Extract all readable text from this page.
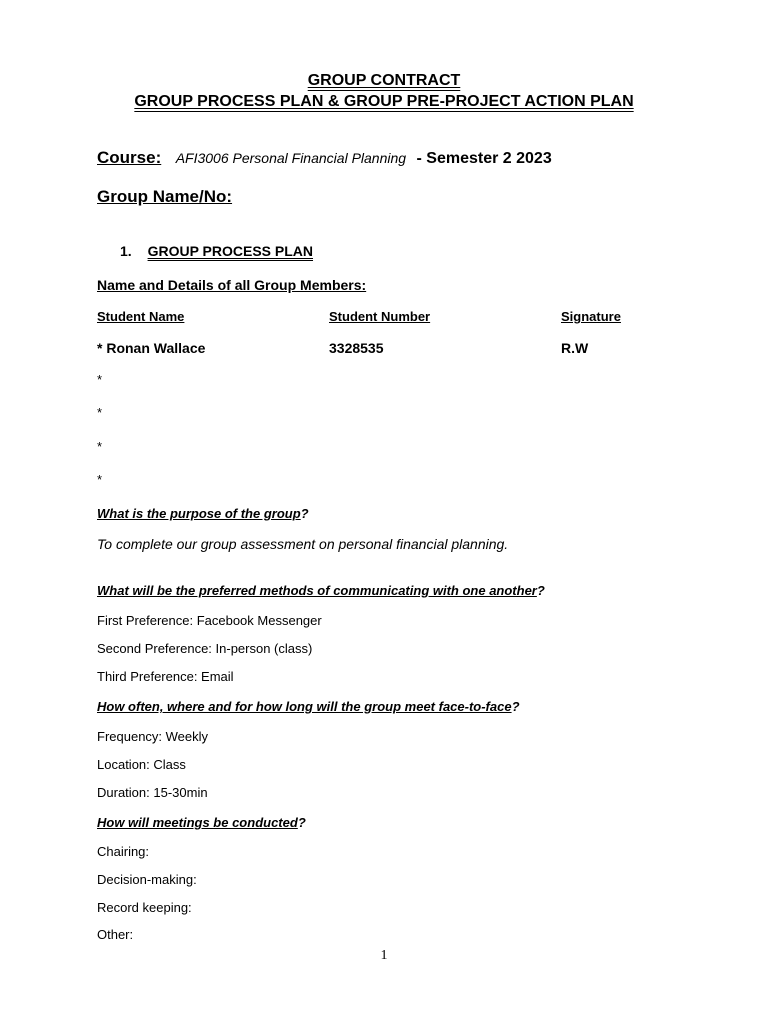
GROUP CONTRACT
GROUP PROCESS PLAN & GROUP PRE-PROJECT ACTION PLAN
Course: AFI3006 Personal Financial Planning - Semester 2 2023
Group Name/No:
1. GROUP PROCESS PLAN
Name and Details of all Group Members:
Student Name	Student Number	Signature
* Ronan Wallace	3328535	R.W
*
*
*
*
What is the purpose of the group?
To complete our group assessment on personal financial planning.
What will be the preferred methods of communicating with one another?
First Preference: Facebook Messenger
Second Preference: In-person (class)
Third Preference: Email
How often, where and for how long will the group meet face-to-face?
Frequency: Weekly
Location: Class
Duration: 15-30min
How will meetings be conducted?
Chairing:
Decision-making:
Record keeping:
Other:
1
